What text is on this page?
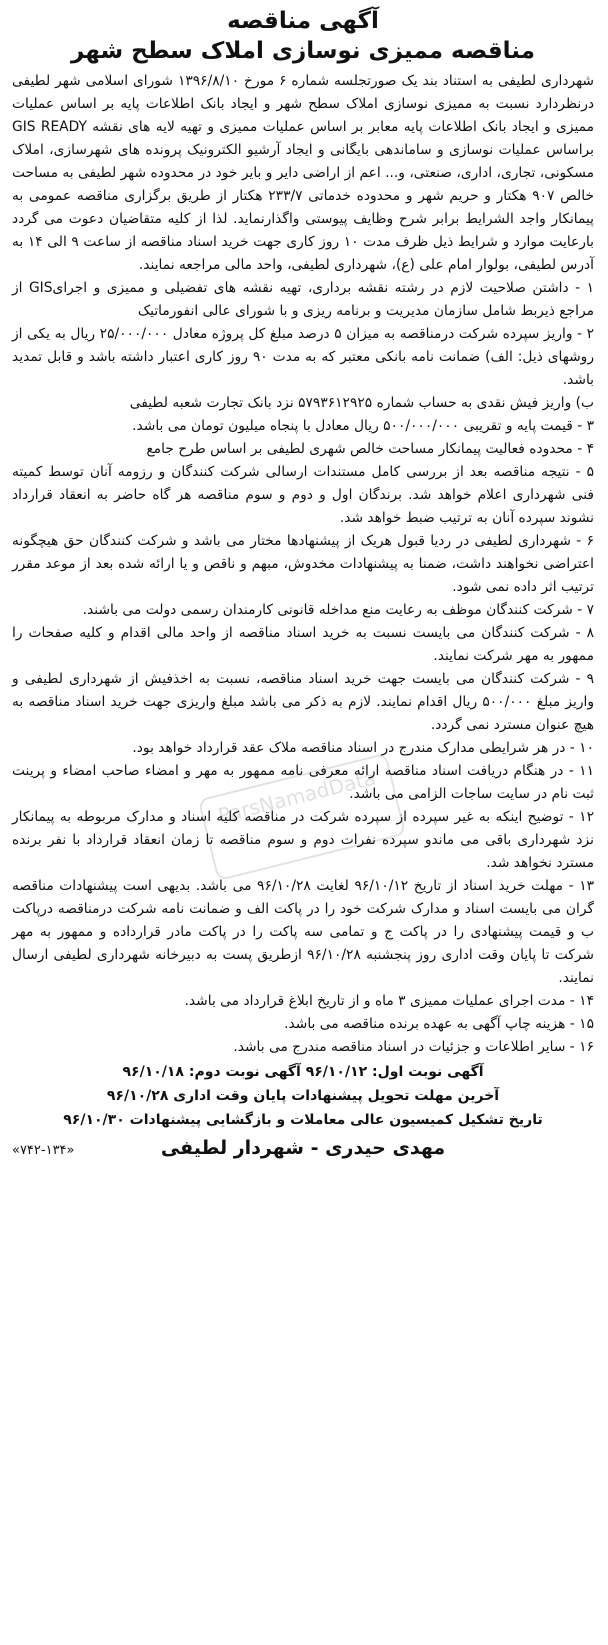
آگهی مناقصه
مناقصه ممیزی نوسازی املاک سطح شهر

شهرداری لطیفی به استناد بند یک صورتجلسه شماره ۶ مورخ ۱۳۹۶/۸/۱۰ شورای اسلامی شهر لطیفی درنظردارد نسبت به ممیزی نوسازی املاک سطح شهر و ایجاد بانک اطلاعات پایه بر اساس عملیات ممیزی و ایجاد بانک اطلاعات پایه معابر بر اساس عملیات ممیزی و تهیه لایه های نقشه GIS READY براساس عملیات نوسازی و ساماندهی بایگانی و ایجاد آرشیو الکترونیک پرونده های شهرسازی، املاک مسکونی، تجاری، اداری، صنعتی، و... اعم از اراضی دایر و بایر خود در محدوده شهر لطیفی به مساحت خالص ۹۰۷ هکتار و حریم شهر و محدوده خدماتی ۲۳۳/۷ هکتار از طریق برگزاری مناقصه عمومی به پیمانکار واجد الشرایط برابر شرح وظایف پیوستی واگذارنماید. لذا از کلیه متقاضیان دعوت می گردد بارعایت موارد و شرایط ذیل ظرف مدت ۱۰ روز کاری جهت خرید اسناد مناقصه از ساعت ۹ الی ۱۴ به آدرس لطیفی، بولوار امام علی (ع)، شهرداری لطیفی، واحد مالی مراجعه نمایند.

۱ - داشتن صلاحیت لازم در رشته نقشه برداری، تهیه نقشه های تفضیلی و ممیزی و اجرایGIS از مراجع ذیربط شامل سازمان مدیریت و برنامه ریزی و با شورای عالی انفورماتیک

۲ - واریز سپرده شرکت درمناقصه به میزان ۵ درصد مبلغ کل پروژه معادل ۲۵/۰۰۰/۰۰۰ ریال به یکی از روشهای ذیل: الف) ضمانت نامه بانکی معتبر که به مدت ۹۰ روز کاری اعتبار داشته باشد و قابل تمدید باشد.

ب) واریز فیش نقدی به حساب شماره ۵۷۹۳۶۱۲۹۲۵ نزد بانک تجارت شعبه لطیفی

۳ - قیمت پایه و تقریبی ۵۰۰/۰۰۰/۰۰۰ ریال معادل با پنجاه میلیون تومان می باشد.

۴ - محدوده فعالیت پیمانکار مساحت خالص شهری لطیفی بر اساس طرح جامع

۵ - نتیجه مناقصه بعد از بررسی کامل مستندات ارسالی شرکت کنندگان و رزومه آنان توسط کمیته فنی شهرداری اعلام خواهد شد. برندگان اول و دوم و سوم مناقصه هر گاه حاضر به انعقاد قرارداد نشوند سپرده آنان به ترتیب ضبط خواهد شد.

۶ - شهرداری لطیفی در ردیا قبول هریک از پیشنهادها مختار می باشد و شرکت کنندگان حق هیچگونه اعتراضی نخواهند داشت، ضمنا به پیشنهادات مخدوش، مبهم و ناقص و یا ارائه شده بعد از موعد مقرر ترتیب اثر داده نمی شود.

۷ - شرکت کنندگان موظف به رعایت منع مداخله قانونی کارمندان رسمی دولت می باشند.

۸ - شرکت کنندگان می بایست نسبت به خرید اسناد مناقصه از واحد مالی اقدام و کلیه صفحات را ممهور به مهر شرکت نمایند.

۹ - شرکت کنندگان می بایست جهت خرید اسناد مناقصه، نسبت به اخذفیش از شهرداری لطیفی و واریز مبلغ ۵۰۰/۰۰۰ ریال اقدام نمایند. لازم به ذکر می باشد مبلغ واریزی جهت خرید اسناد مناقصه به هیچ عنوان مسترد نمی گردد.

۱۰ - در هر شرایطی مدارک مندرج در اسناد مناقصه ملاک عقد قرارداد خواهد بود.

۱۱ - در هنگام دریافت اسناد مناقصه ارائه معرفی نامه ممهور به مهر و امضاء صاحب امضاء و پرینت ثبت نام در سایت ساجات الزامی می باشد.

۱۲ - توضیح اینکه به غیر سپرده از سپرده شرکت در مناقصه کلیه اسناد و مدارک مربوطه به پیمانکار نزد شهرداری باقی می ماندو سپرده نفرات دوم و سوم مناقصه تا زمان انعقاد قرارداد با نفر برنده مسترد نخواهد شد.

۱۳ - مهلت خرید اسناد از تاریخ ۹۶/۱۰/۱۲ لغایت ۹۶/۱۰/۲۸ می باشد. بدیهی است پیشنهادات مناقصه گران می بایست اسناد و مدارک شرکت خود را در پاکت الف و ضمانت نامه شرکت درمناقصه درپاکت ب و قیمت پیشنهادی را در پاکت ج و تمامی سه پاکت را در پاکت مادر قرارداده و ممهور به مهر شرکت تا پایان وقت اداری روز پنجشنبه ۹۶/۱۰/۲۸ ازطریق پست به دبیرخانه شهرداری لطیفی ارسال نمایند.

۱۴ - مدت اجرای عملیات ممیزی ۳ ماه و از تاریخ ابلاغ قرارداد می باشد.

۱۵ - هزینه چاپ آگهی به عهده برنده مناقصه می باشد.

۱۶ - سایر اطلاعات و جزئیات در اسناد مناقصه مندرج می باشد.

آگهی نوبت اول: ۹۶/۱۰/۱۲ آگهی نوبت دوم: ۹۶/۱۰/۱۸

آخرین مهلت تحویل پیشنهادات پایان وقت اداری ۹۶/۱۰/۲۸

تاریخ تشکیل کمیسیون عالی معاملات و بازگشایی پیشنهادات ۹۶/۱۰/۳۰

مهدی حیدری - شهردار لطیفی
«۷۴۲-۱۳۴»
ParsNamadData
